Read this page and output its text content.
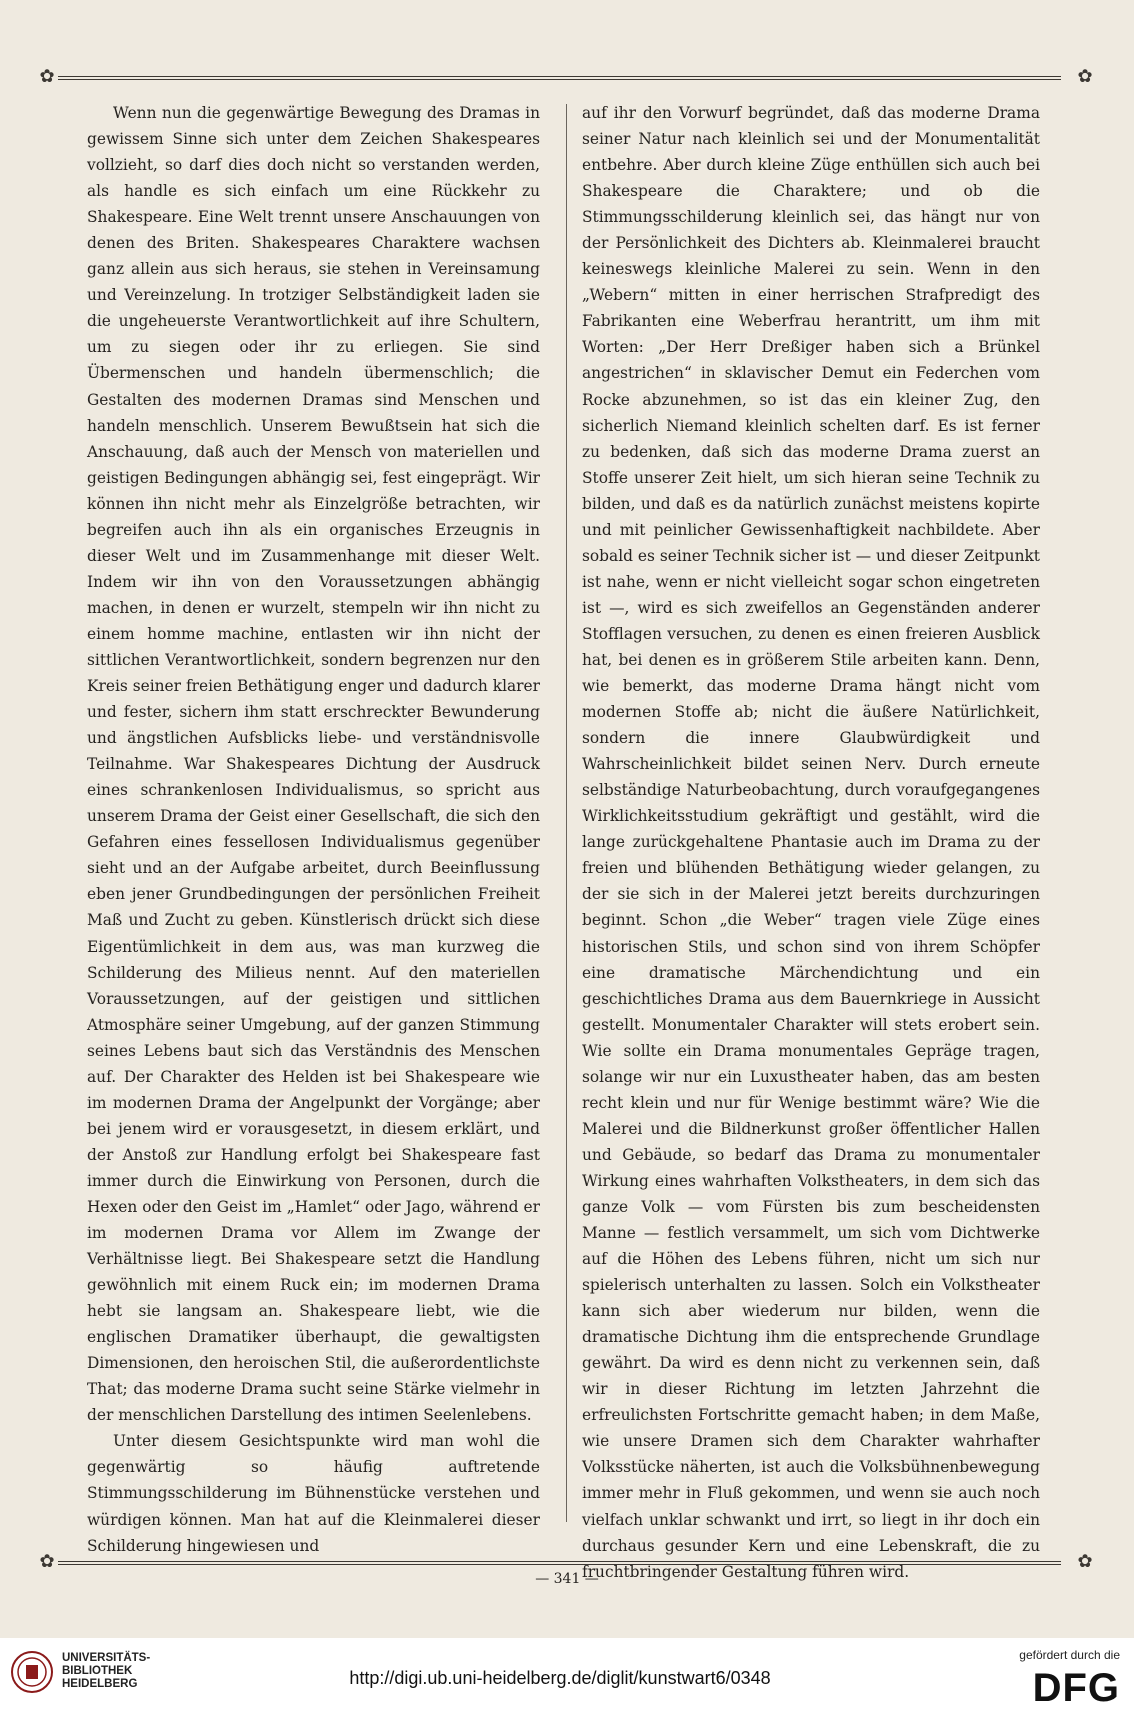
✿	✿

Wenn nun die gegenwärtige Bewegung des Dramas in gewissem Sinne sich unter dem Zeichen Shakespeares vollzieht, so darf dies doch nicht so verstanden werden, als handle es sich einfach um eine Rückkehr zu Shakespeare. Eine Welt trennt unsere Anschauungen von denen des Briten. Shakespeares Charaktere wachsen ganz allein aus sich heraus, sie stehen in Vereinsamung und Vereinzelung. In trotziger Selbständigkeit laden sie die ungeheuerste Verantwortlichkeit auf ihre Schultern, um zu siegen oder ihr zu erliegen. Sie sind Übermenschen und handeln übermenschlich; die Gestalten des modernen Dramas sind Menschen und handeln menschlich. Unserem Bewußtsein hat sich die Anschauung, daß auch der Mensch von materiellen und geistigen Bedingungen abhängig sei, fest eingeprägt. Wir können ihn nicht mehr als Einzelgröße betrachten, wir begreifen auch ihn als ein organisches Erzeugnis in dieser Welt und im Zusammenhange mit dieser Welt. Indem wir ihn von den Voraussetzungen abhängig machen, in denen er wurzelt, stempeln wir ihn nicht zu einem homme machine, entlasten wir ihn nicht der sittlichen Verantwortlichkeit, sondern begrenzen nur den Kreis seiner freien Bethätigung enger und dadurch klarer und fester, sichern ihm statt erschreckter Bewunderung und ängstlichen Aufsblicks liebe- und verständnisvolle Teilnahme. War Shakespeares Dichtung der Ausdruck eines schrankenlosen Individualismus, so spricht aus unserem Drama der Geist einer Gesellschaft, die sich den Gefahren eines fessellosen Individualismus gegenüber sieht und an der Aufgabe arbeitet, durch Beeinflussung eben jener Grundbedingungen der persönlichen Freiheit Maß und Zucht zu geben. Künstlerisch drückt sich diese Eigentümlichkeit in dem aus, was man kurzweg die Schilderung des Milieus nennt. Auf den materiellen Voraussetzungen, auf der geistigen und sittlichen Atmosphäre seiner Umgebung, auf der ganzen Stimmung seines Lebens baut sich das Verständnis des Menschen auf. Der Charakter des Helden ist bei Shakespeare wie im modernen Drama der Angelpunkt der Vorgänge; aber bei jenem wird er vorausgesetzt, in diesem erklärt, und der Anstoß zur Handlung erfolgt bei Shakespeare fast immer durch die Einwirkung von Personen, durch die Hexen oder den Geist im „Hamlet“ oder Jago, während er im modernen Drama vor Allem im Zwange der Verhältnisse liegt. Bei Shakespeare setzt die Handlung gewöhnlich mit einem Ruck ein; im modernen Drama hebt sie langsam an. Shakespeare liebt, wie die englischen Dramatiker überhaupt, die gewaltigsten Dimensionen, den heroischen Stil, die außerordentlichste That; das moderne Drama sucht seine Stärke vielmehr in der menschlichen Darstellung des intimen Seelenlebens.

Unter diesem Gesichtspunkte wird man wohl die gegenwärtig so häufig auftretende Stimmungsschilderung im Bühnenstücke verstehen und würdigen können. Man hat auf die Kleinmalerei dieser Schilderung hingewiesen und

auf ihr den Vorwurf begründet, daß das moderne Drama seiner Natur nach kleinlich sei und der Monumentalität entbehre. Aber durch kleine Züge enthüllen sich auch bei Shakespeare die Charaktere; und ob die Stimmungsschilderung kleinlich sei, das hängt nur von der Persönlichkeit des Dichters ab. Kleinmalerei braucht keineswegs kleinliche Malerei zu sein. Wenn in den „Webern“ mitten in einer herrischen Strafpredigt des Fabrikanten eine Weberfrau herantritt, um ihm mit Worten: „Der Herr Dreßiger haben sich a Brünkel angestrichen“ in sklavischer Demut ein Federchen vom Rocke abzunehmen, so ist das ein kleiner Zug, den sicherlich Niemand kleinlich schelten darf. Es ist ferner zu bedenken, daß sich das moderne Drama zuerst an Stoffe unserer Zeit hielt, um sich hieran seine Technik zu bilden, und daß es da natürlich zunächst meistens kopirte und mit peinlicher Gewissenhaftigkeit nachbildete. Aber sobald es seiner Technik sicher ist — und dieser Zeitpunkt ist nahe, wenn er nicht vielleicht sogar schon eingetreten ist —, wird es sich zweifellos an Gegenständen anderer Stofflagen versuchen, zu denen es einen freieren Ausblick hat, bei denen es in größerem Stile arbeiten kann. Denn, wie bemerkt, das moderne Drama hängt nicht vom modernen Stoffe ab; nicht die äußere Natürlichkeit, sondern die innere Glaubwürdigkeit und Wahrscheinlichkeit bildet seinen Nerv. Durch erneute selbständige Naturbeobachtung, durch voraufgegangenes Wirklichkeitsstudium gekräftigt und gestählt, wird die lange zurückgehaltene Phantasie auch im Drama zu der freien und blühenden Bethätigung wieder gelangen, zu der sie sich in der Malerei jetzt bereits durchzuringen beginnt. Schon „die Weber“ tragen viele Züge eines historischen Stils, und schon sind von ihrem Schöpfer eine dramatische Märchendichtung und ein geschichtliches Drama aus dem Bauernkriege in Aussicht gestellt. Monumentaler Charakter will stets erobert sein. Wie sollte ein Drama monumentales Gepräge tragen, solange wir nur ein Luxustheater haben, das am besten recht klein und nur für Wenige bestimmt wäre? Wie die Malerei und die Bildnerkunst großer öffentlicher Hallen und Gebäude, so bedarf das Drama zu monumentaler Wirkung eines wahrhaften Volkstheaters, in dem sich das ganze Volk — vom Fürsten bis zum bescheidensten Manne — festlich versammelt, um sich vom Dichtwerke auf die Höhen des Lebens führen, nicht um sich nur spielerisch unterhalten zu lassen. Solch ein Volkstheater kann sich aber wiederum nur bilden, wenn die dramatische Dichtung ihm die entsprechende Grundlage gewährt. Da wird es denn nicht zu verkennen sein, daß wir in dieser Richtung im letzten Jahrzehnt die erfreulichsten Fortschritte gemacht haben; in dem Maße, wie unsere Dramen sich dem Charakter wahrhafter Volksstücke näherten, ist auch die Volksbühnenbewegung immer mehr in Fluß gekommen, und wenn sie auch noch vielfach unklar schwankt und irrt, so liegt in ihr doch ein durchaus gesunder Kern und eine Lebenskraft, die zu fruchtbringender Gestaltung führen wird.

✿	✿
— 341 —
UNIVERSITÄTS-
BIBLIOTHEK
HEIDELBERG	http://digi.ub.uni-heidelberg.de/diglit/kunstwart6/0348
gefördert durch die
DFG
